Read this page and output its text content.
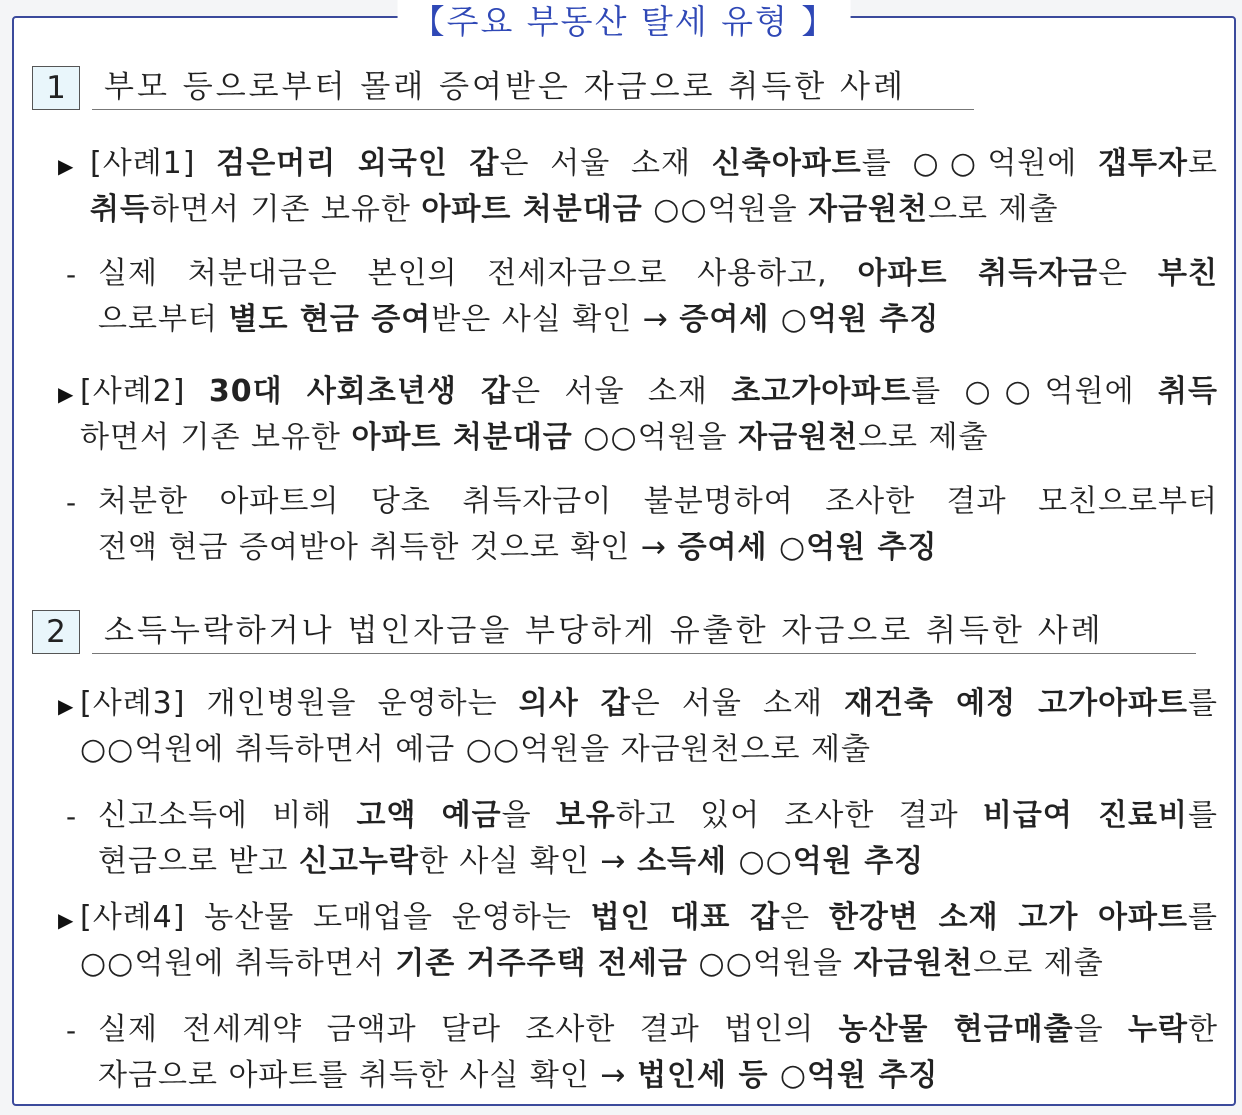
【주요 부동산 탈세 유형 】
1	부모 등으로부터 몰래 증여받은 자금으로 취득한 사례
2	소득누락하거나 법인자금을 부당하게 유출한 자금으로 취득한 사례
▶ [사례1] 검은머리 외국인 갑은 서울 소재 신축아파트를 ○○억원에 갭투자로
취득하면서 기존 보유한 아파트 처분대금 ○○억원을 자금원천으로 제출
- 실제 처분대금은 본인의 전세자금으로 사용하고, 아파트 취득자금은 부친
으로부터 별도 현금 증여받은 사실 확인 → 증여세 ○억원 추징
▶ [사례2] 30대 사회초년생 갑은 서울 소재 초고가아파트를 ○○억원에 취득
하면서 기존 보유한 아파트 처분대금 ○○억원을 자금원천으로 제출
- 처분한 아파트의 당초 취득자금이 불분명하여 조사한 결과 모친으로부터
전액 현금 증여받아 취득한 것으로 확인 → 증여세 ○억원 추징
▶ [사례3] 개인병원을 운영하는 의사 갑은 서울 소재 재건축 예정 고가아파트를
○○억원에 취득하면서 예금 ○○억원을 자금원천으로 제출
- 신고소득에 비해 고액 예금을 보유하고 있어 조사한 결과 비급여 진료비를
현금으로 받고 신고누락한 사실 확인 → 소득세 ○○억원 추징
▶ [사례4] 농산물 도매업을 운영하는 법인 대표 갑은 한강변 소재 고가 아파트를
○○억원에 취득하면서 기존 거주주택 전세금 ○○억원을 자금원천으로 제출
- 실제 전세계약 금액과 달라 조사한 결과 법인의 농산물 현금매출을 누락한
자금으로 아파트를 취득한 사실 확인 → 법인세 등 ○억원 추징
